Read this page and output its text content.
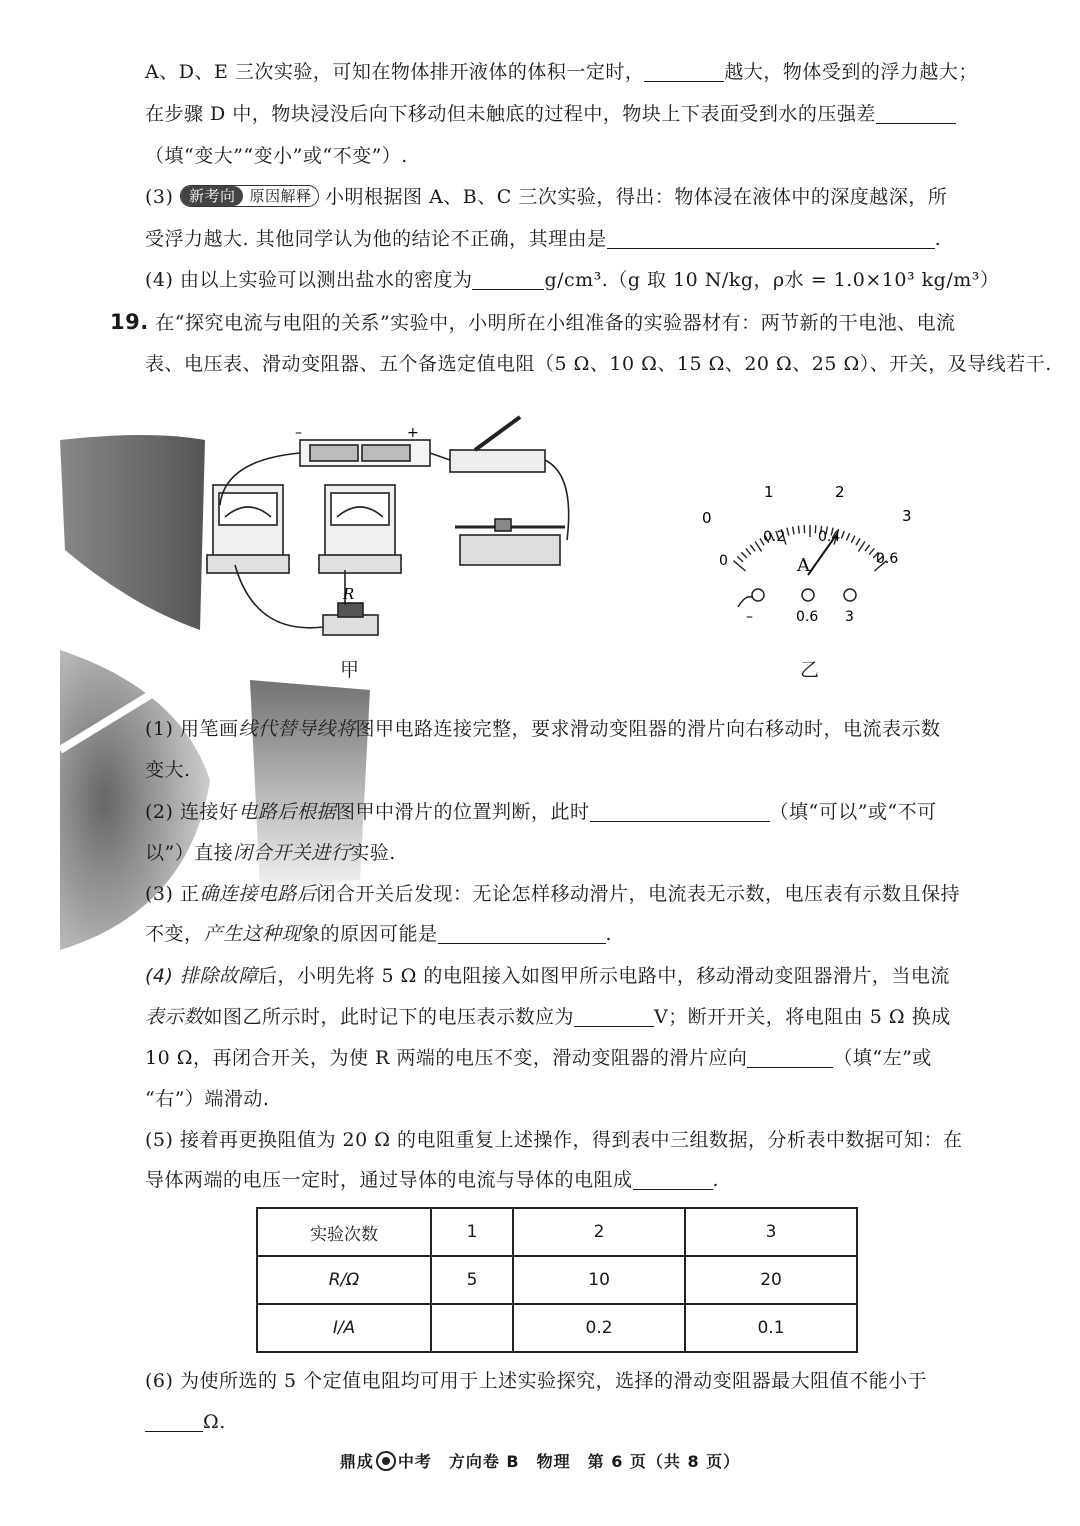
A、D、E 三次实验，可知在物体排开液体的体积一定时，	越大，物体受到的浮力越大；
在步骤 D 中，物块浸没后向下移动但未触底的过程中，物块上下表面受到水的压强差
（填“变大”“变小”或“不变”）.
(3) 新考向 原因解释 小明根据图 A、B、C 三次实验，得出：物体浸在液体中的深度越深，所
受浮力越大. 其他同学认为他的结论不正确，其理由是	.
(4) 由以上实验可以测出盐水的密度为	g/cm³.（g 取 10 N/kg，ρ水 = 1.0×10³ kg/m³）
19. 在“探究电流与电阻的关系”实验中，小明所在小组准备的实验器材有：两节新的干电池、电流
表、电压表、滑动变阻器、五个备选定值电阻（5 Ω、10 Ω、15 Ω、20 Ω、25 Ω）、开关，及导线若干.
–	+
R
甲
0
1	2
3
0
0.2 0.4
0.6
A
–	0.6 3
乙
(1) 用笔画线代替导线将图甲电路连接完整，要求滑动变阻器的滑片向右移动时，电流表示数
变大.
(2) 连接好电路后根据图甲中滑片的位置判断，此时	（填“可以”或“不可
以”）直接闭合开关进行实验.
(3) 正确连接电路后闭合开关后发现：无论怎样移动滑片，电流表无示数，电压表有示数且保持
不变，产生这种现象的原因可能是	.
(4) 排除故障后，小明先将 5 Ω 的电阻接入如图甲所示电路中，移动滑动变阻器滑片，当电流
表示数如图乙所示时，此时记下的电压表示数应为	V；断开开关，将电阻由 5 Ω 换成
10 Ω，再闭合开关，为使 R 两端的电压不变，滑动变阻器的滑片应向	（填“左”或
“右”）端滑动.
(5) 接着再更换阻值为 20 Ω 的电阻重复上述操作，得到表中三组数据，分析表中数据可知：在
导体两端的电压一定时，通过导体的电流与导体的电阻成	.
实验次数	1	2	3
R/Ω	5	10	20
I/A		0.2	0.1
(6) 为使所选的 5 个定值电阻均可用于上述实验探究，选择的滑动变阻器最大阻值不能小于
Ω.
鼎成 中考　 方向卷 B　物理　第 6 页（共 8 页）
